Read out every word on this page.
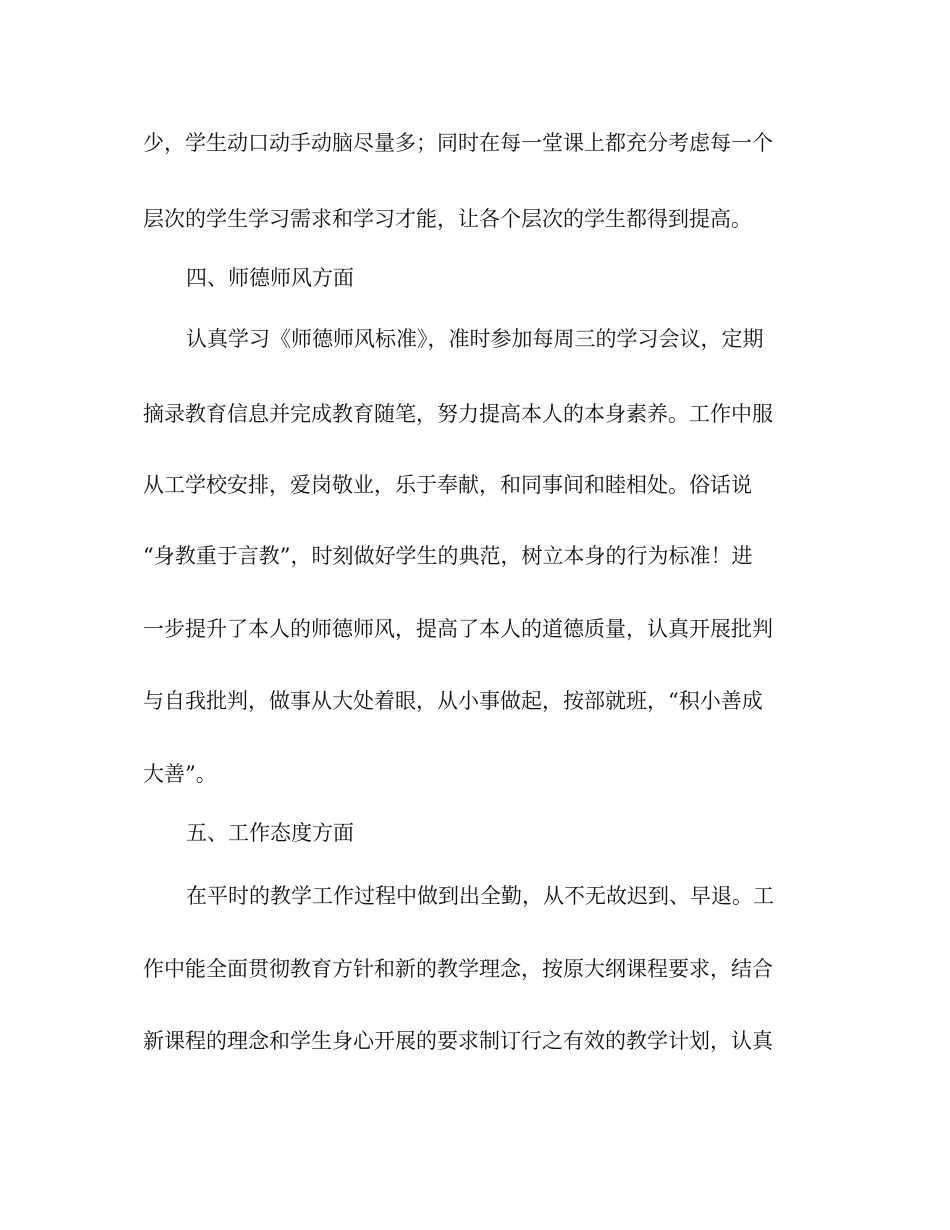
少，学生动口动手动脑尽量多；同时在每一堂课上都充分考虑每一个
层次的学生学习需求和学习才能，让各个层次的学生都得到提高。
四、师德师风方面
认真学习《师德师风标准》，准时参加每周三的学习会议，定期
摘录教育信息并完成教育随笔，努力提高本人的本身素养。工作中服
从工学校安排，爱岗敬业，乐于奉献，和同事间和睦相处。俗话说
“身教重于言教”，时刻做好学生的典范，树立本身的行为标准！进
一步提升了本人的师德师风，提高了本人的道德质量，认真开展批判
与自我批判，做事从大处着眼，从小事做起，按部就班，“积小善成
大善”。
五、工作态度方面
在平时的教学工作过程中做到出全勤，从不无故迟到、早退。工
作中能全面贯彻教育方针和新的教学理念，按原大纲课程要求，结合
新课程的理念和学生身心开展的要求制订行之有效的教学计划，认真
